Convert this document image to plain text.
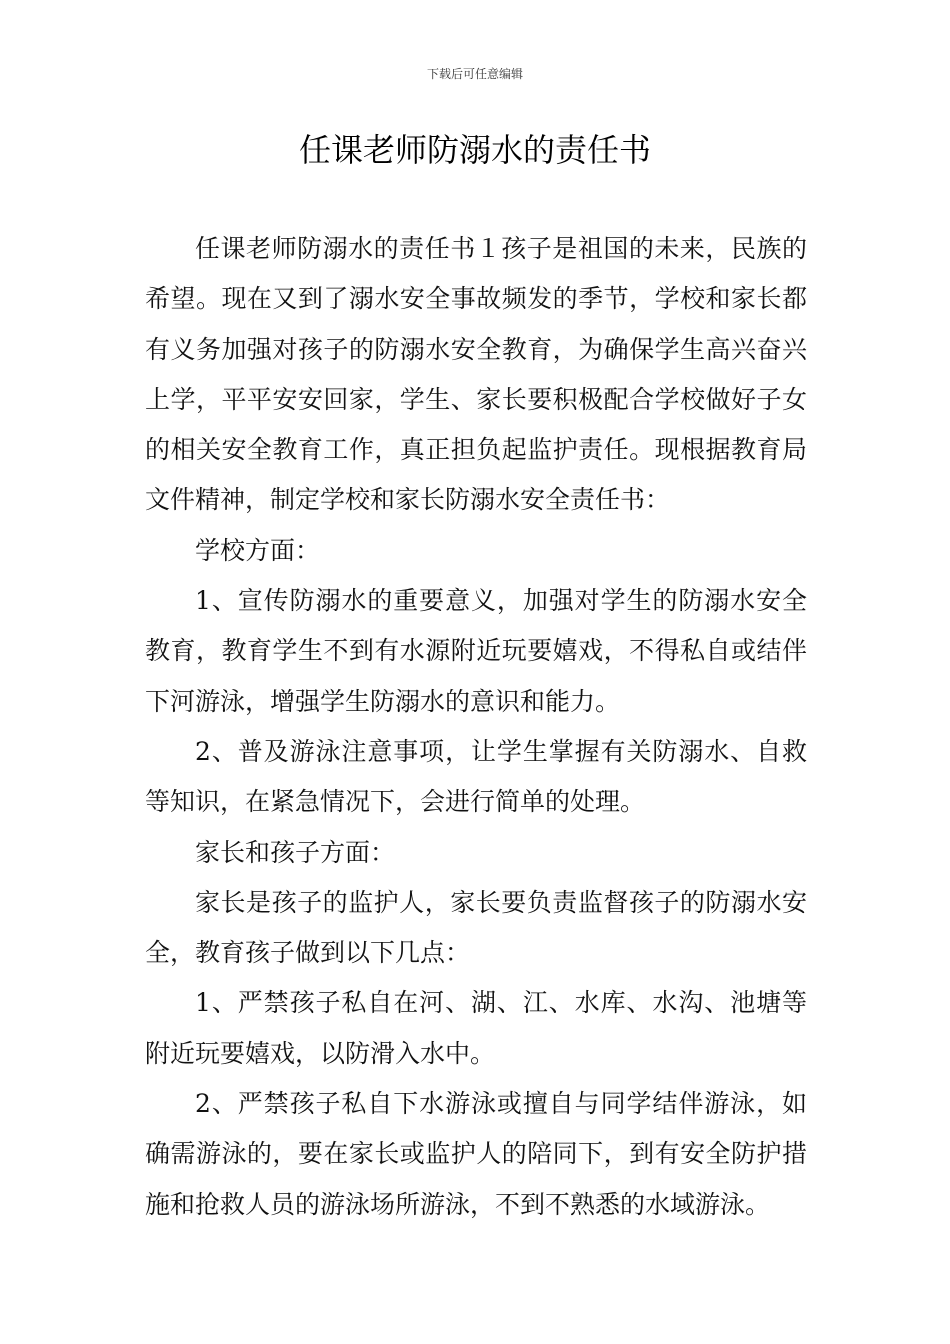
下载后可任意编辑
任课老师防溺水的责任书

任课老师防溺水的责任书１孩子是祖国的未来，民族的希望。现在又到了溺水安全事故频发的季节，学校和家长都有义务加强对孩子的防溺水安全教育，为确保学生高兴奋兴上学，平平安安回家，学生、家长要积极配合学校做好子女的相关安全教育工作，真正担负起监护责任。现根据教育局文件精神，制定学校和家长防溺水安全责任书：

学校方面：

1、宣传防溺水的重要意义，加强对学生的防溺水安全教育，教育学生不到有水源附近玩要嬉戏，不得私自或结伴下河游泳，增强学生防溺水的意识和能力。

2、普及游泳注意事项，让学生掌握有关防溺水、自救等知识，在紧急情况下，会进行简单的处理。

家长和孩子方面：

家长是孩子的监护人，家长要负责监督孩子的防溺水安全，教育孩子做到以下几点：

1、严禁孩子私自在河、湖、江、水库、水沟、池塘等附近玩要嬉戏，以防滑入水中。

2、严禁孩子私自下水游泳或擅自与同学结伴游泳，如确需游泳的，要在家长或监护人的陪同下，到有安全防护措施和抢救人员的游泳场所游泳，不到不熟悉的水域游泳。
